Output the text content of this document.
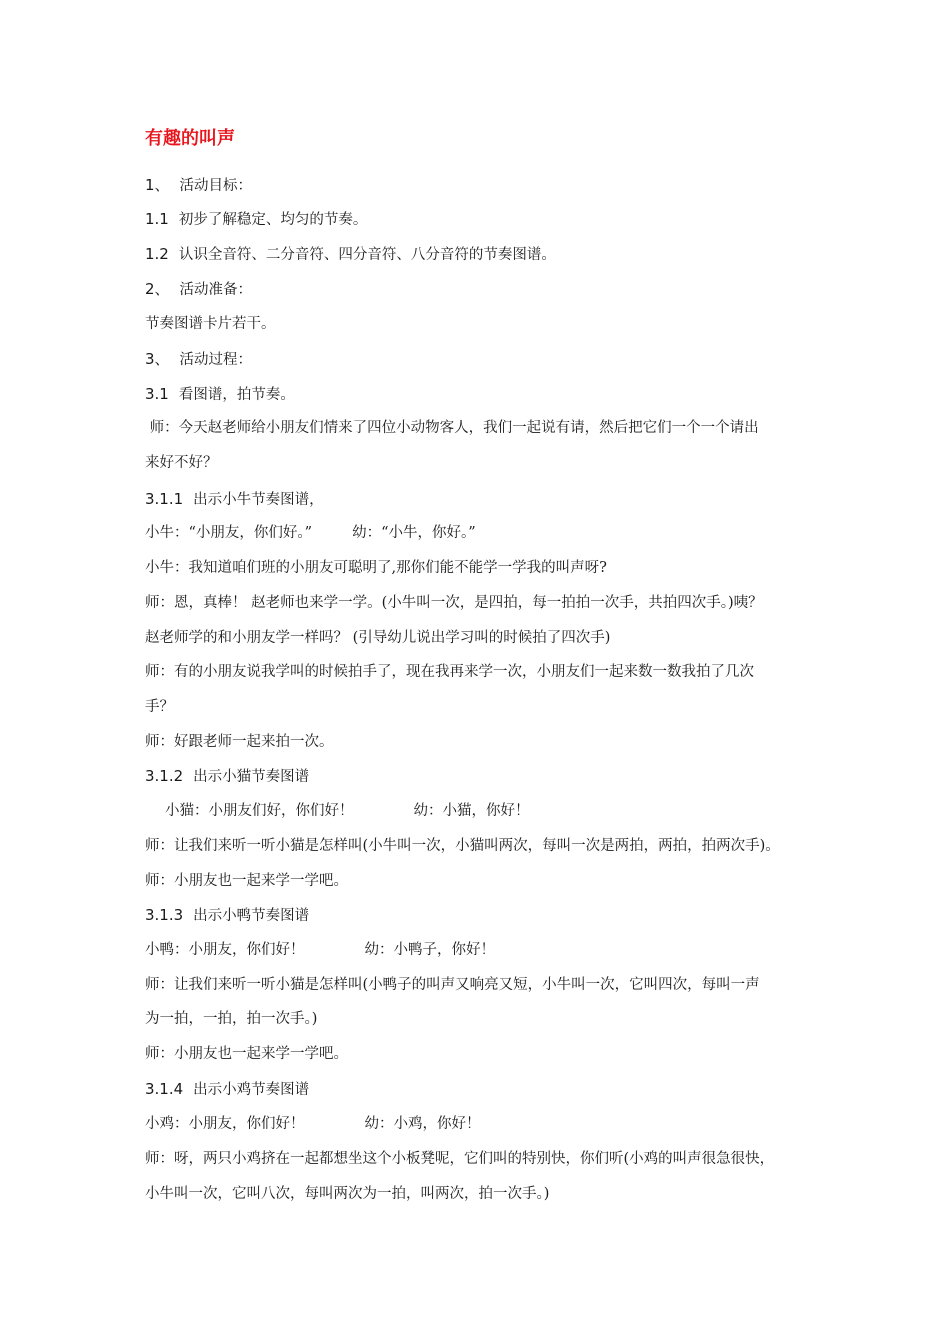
有趣的叫声
1、 活动目标：
1.1 初步了解稳定、均匀的节奏。
1.2 认识全音符、二分音符、四分音符、八分音符的节奏图谱。
2、 活动准备：
节奏图谱卡片若干。
3、 活动过程：
3.1 看图谱，拍节奏。
师：今天赵老师给小朋友们情来了四位小动物客人，我们一起说有请，然后把它们一个一个请出
来好不好？
3.1.1 出示小牛节奏图谱，
小牛：“小朋友，你们好。”	幼：“小牛，你好。”
小牛：我知道咱们班的小朋友可聪明了,那你们能不能学一学我的叫声呀?
师：恩，真棒！ 赵老师也来学一学。(小牛叫一次，是四拍，每一拍拍一次手，共拍四次手。)咦？
赵老师学的和小朋友学一样吗？ (引导幼儿说出学习叫的时候拍了四次手)
师：有的小朋友说我学叫的时候拍手了，现在我再来学一次，小朋友们一起来数一数我拍了几次
手？
师：好跟老师一起来拍一次。
3.1.2 出示小猫节奏图谱
小猫：小朋友们好，你们好！	幼：小猫，你好！
师：让我们来听一听小猫是怎样叫(小牛叫一次，小猫叫两次，每叫一次是两拍，两拍，拍两次手)。
师：小朋友也一起来学一学吧。
3.1.3 出示小鸭节奏图谱
小鸭：小朋友，你们好！	幼：小鸭子，你好！
师：让我们来听一听小猫是怎样叫(小鸭子的叫声又响亮又短，小牛叫一次，它叫四次，每叫一声
为一拍，一拍，拍一次手。)
师：小朋友也一起来学一学吧。
3.1.4 出示小鸡节奏图谱
小鸡：小朋友，你们好！	幼：小鸡，你好！
师：呀，两只小鸡挤在一起都想坐这个小板凳呢，它们叫的特别快，你们听(小鸡的叫声很急很快，
小牛叫一次，它叫八次，每叫两次为一拍，叫两次，拍一次手。)
